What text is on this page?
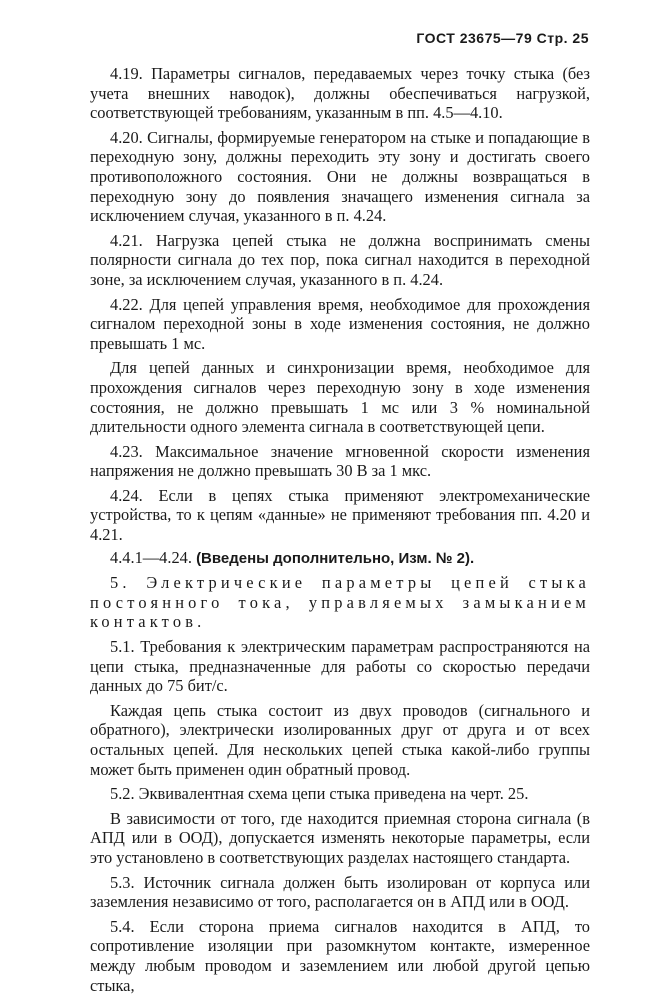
ГОСТ 23675—79 Стр. 25

4.19. Параметры сигналов, передаваемых через точку стыка (без учета внешних наводок), должны обеспечиваться нагрузкой, соответствующей требованиям, указанным в пп. 4.5—4.10.

4.20. Сигналы, формируемые генератором на стыке и попадающие в переходную зону, должны переходить эту зону и достигать своего противоположного состояния. Они не должны возвращаться в переходную зону до появления значащего изменения сигнала за исключением случая, указанного в п. 4.24.

4.21. Нагрузка цепей стыка не должна воспринимать смены полярности сигнала до тех пор, пока сигнал находится в переходной зоне, за исключением случая, указанного в п. 4.24.

4.22. Для цепей управления время, необходимое для прохождения сигналом переходной зоны в ходе изменения состояния, не должно превышать 1 мс.

Для цепей данных и синхронизации время, необходимое для прохождения сигналов через переходную зону в ходе изменения состояния, не должно превышать 1 мс или 3 % номинальной длительности одного элемента сигнала в соответствующей цепи.

4.23. Максимальное значение мгновенной скорости изменения напряжения не должно превышать 30 В за 1 мкс.

4.24. Если в цепях стыка применяют электромеханические устройства, то к цепям «данные» не применяют требования пп. 4.20 и 4.21.

4.4.1—4.24. (Введены дополнительно, Изм. № 2).

5. Электрические параметры цепей стыка постоянного тока, управляемых замыканием контактов.

5.1. Требования к электрическим параметрам распространяются на цепи стыка, предназначенные для работы со скоростью передачи данных до 75 бит/с.

Каждая цепь стыка состоит из двух проводов (сигнального и обратного), электрически изолированных друг от друга и от всех остальных цепей. Для нескольких цепей стыка какой-либо группы может быть применен один обратный провод.

5.2. Эквивалентная схема цепи стыка приведена на черт. 25.

В зависимости от того, где находится приемная сторона сигнала (в АПД или в ООД), допускается изменять некоторые параметры, если это установлено в соответствующих разделах настоящего стандарта.

5.3. Источник сигнала должен быть изолирован от корпуса или заземления независимо от того, располагается он в АПД или в ООД.

5.4. Если сторона приема сигналов находится в АПД, то сопротивление изоляции при разомкнутом контакте, измеренное между любым проводом и заземлением или любой другой цепью стыка,
